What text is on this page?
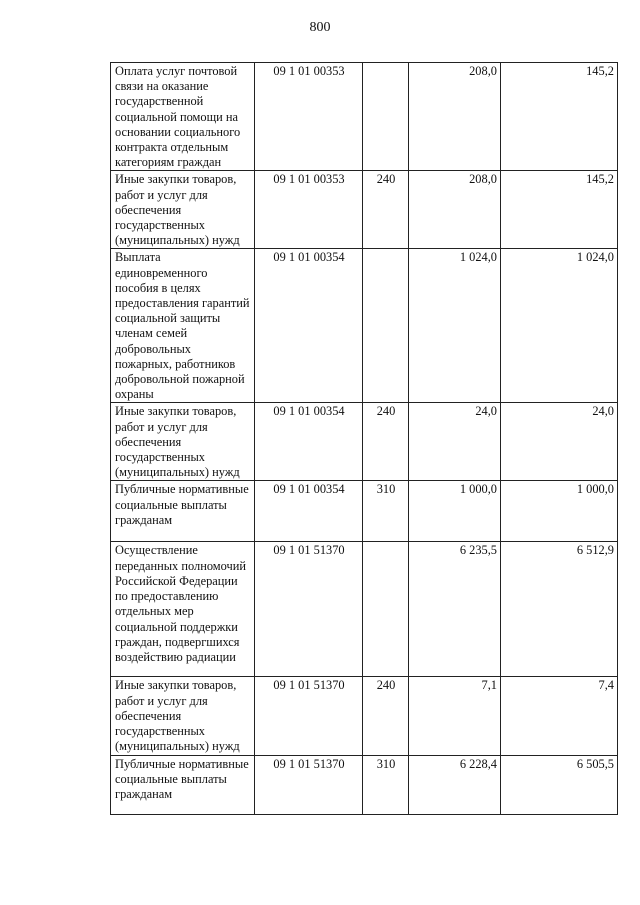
800
Оплата услуг почтовой связи на оказание государственной социальной помощи на основании социального контракта отдельным категориям граждан	09 1 01 00353		208,0	145,2
Иные закупки товаров, работ и услуг для обеспечения государственных (муниципальных) нужд	09 1 01 00353	240	208,0	145,2
Выплата единовременного пособия в целях предоставления гарантий социальной защиты членам семей добровольных пожарных, работников добровольной пожарной охраны	09 1 01 00354		1 024,0	1 024,0
Иные закупки товаров, работ и услуг для обеспечения государственных (муниципальных) нужд	09 1 01 00354	240	24,0	24,0
Публичные нормативные социальные выплаты гражданам	09 1 01 00354	310	1 000,0	1 000,0
Осуществление переданных полномочий Российской Федерации по предоставлению отдельных мер социальной поддержки граждан, подвергшихся воздействию радиации	09 1 01 51370		6 235,5	6 512,9
Иные закупки товаров, работ и услуг для обеспечения государственных (муниципальных) нужд	09 1 01 51370	240	7,1	7,4
Публичные нормативные социальные выплаты гражданам	09 1 01 51370	310	6 228,4	6 505,5
